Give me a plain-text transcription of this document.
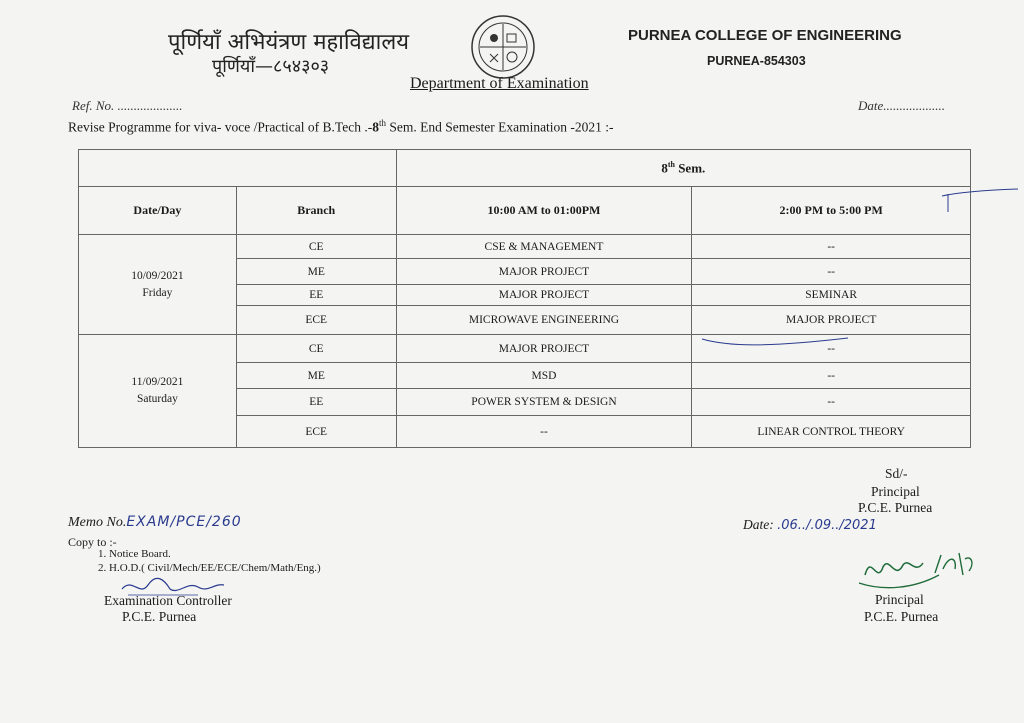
पूर्णियाँ अभियंत्रण महाविद्यालय
पूर्णियाँ—८५४३०३
PURNEA COLLEGE OF ENGINEERING
PURNEA-854303
Department of Examination
Ref. No. ....................	Date...................
Revise Programme for viva- voce /Practical of B.Tech .-8th Sem. End Semester Examination -2021 :-
		8th Sem.	
Date/Day	Branch	10:00 AM to 01:00PM	2:00 PM to 5:00 PM
10/09/2021
Friday	CE	CSE & MANAGEMENT	--
	ME	MAJOR PROJECT	--
	EE	MAJOR PROJECT	SEMINAR
	ECE	MICROWAVE ENGINEERING	MAJOR PROJECT
11/09/2021
Saturday	CE	MAJOR PROJECT	--
	ME	MSD	--
	EE	POWER SYSTEM & DESIGN	--
	ECE	--	LINEAR CONTROL THEORY
Sd/-
Principal
P.C.E. Purnea
Date: .06../.09../2021
Memo No.EXAM/PCE/260
Copy to :-
1. Notice Board.
2. H.O.D.( Civil/Mech/EE/ECE/Chem/Math/Eng.)
Examination Controller
P.C.E. Purnea
Principal
P.C.E. Purnea
